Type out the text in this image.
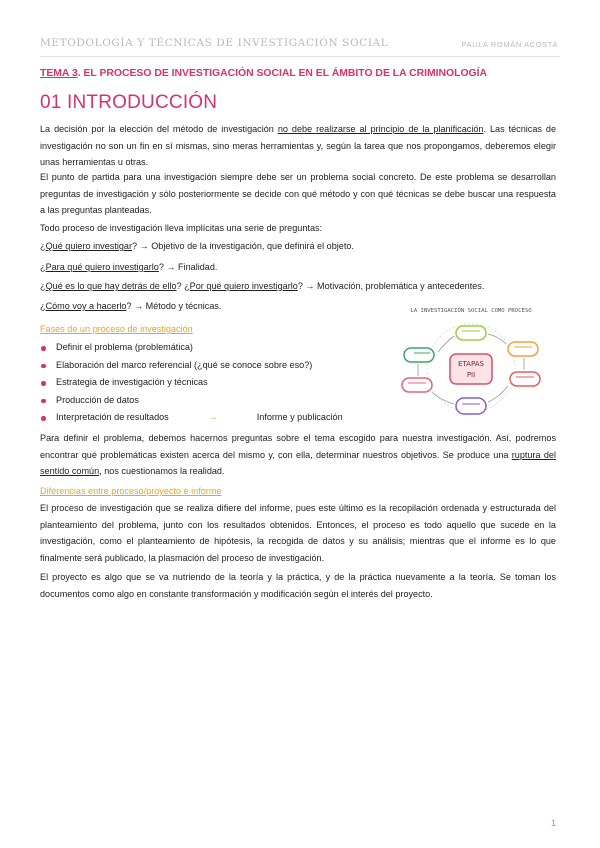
METODOLOGÍA Y TÉCNICAS DE INVESTIGACIÓN SOCIAL	PAULA ROMÁN ACOSTA
TEMA 3. EL PROCESO DE INVESTIGACIÓN SOCIAL EN EL ÁMBITO DE LA CRIMINOLOGÍA
01 INTRODUCCIÓN
La decisión por la elección del método de investigación no debe realizarse al principio de la planificación. Las técnicas de investigación no son un fin en sí mismas, sino meras herramientas y, según la tarea que nos propongamos, deberemos elegir unas herramientas u otras.
El punto de partida para una investigación siempre debe ser un problema social concreto. De este problema se desarrollan preguntas de investigación y sólo posteriormente se decide con qué método y con qué técnicas se debe buscar una respuesta a las preguntas planteadas.
Todo proceso de investigación lleva implícitas una serie de preguntas:
¿Qué quiero investigar? → Objetivo de la investigación, que definirá el objeto.
¿Para qué quiero investigarlo? → Finalidad.
¿Qué es lo que hay detrás de ello? ¿Por qué quiero investigarlo? → Motivación, problemática y antecedentes.
¿Cómo voy a hacerlo? → Método y técnicas.
Fases de un proceso de investigación
Definir el problema (problemática)
Elaboración del marco referencial (¿qué se conoce sobre eso?)
Estrategia de investigación y técnicas
Producción de datos
Interpretación de resultados	→	Informe y publicación
LA INVESTIGACIÓN SOCIAL COMO PROCESO
ETAPAS
PII
Para definir el problema, debemos hacernos preguntas sobre el tema escogido para nuestra investigación. Así, podremos encontrar qué problemáticas existen acerca del mismo y, con ella, determinar nuestros objetivos. Se produce una ruptura del sentido común, nos cuestionamos la realidad.
Diferencias entre proceso/proyecto e informe
El proceso de investigación que se realiza difiere del informe, pues este último es la recopilación ordenada y estructurada del planteamiento del problema, junto con los resultados obtenidos. Entonces, el proceso es todo aquello que sucede en la investigación, como el planteamiento de hipótesis, la recogida de datos y su análisis; mientras que el informe es lo que finalmente será publicado, la plasmación del proceso de investigación.
El proyecto es algo que se va nutriendo de la teoría y la práctica, y de la práctica nuevamente a la teoría. Se toman los documentos como algo en constante transformación y modificación según el interés del proyecto.
1
